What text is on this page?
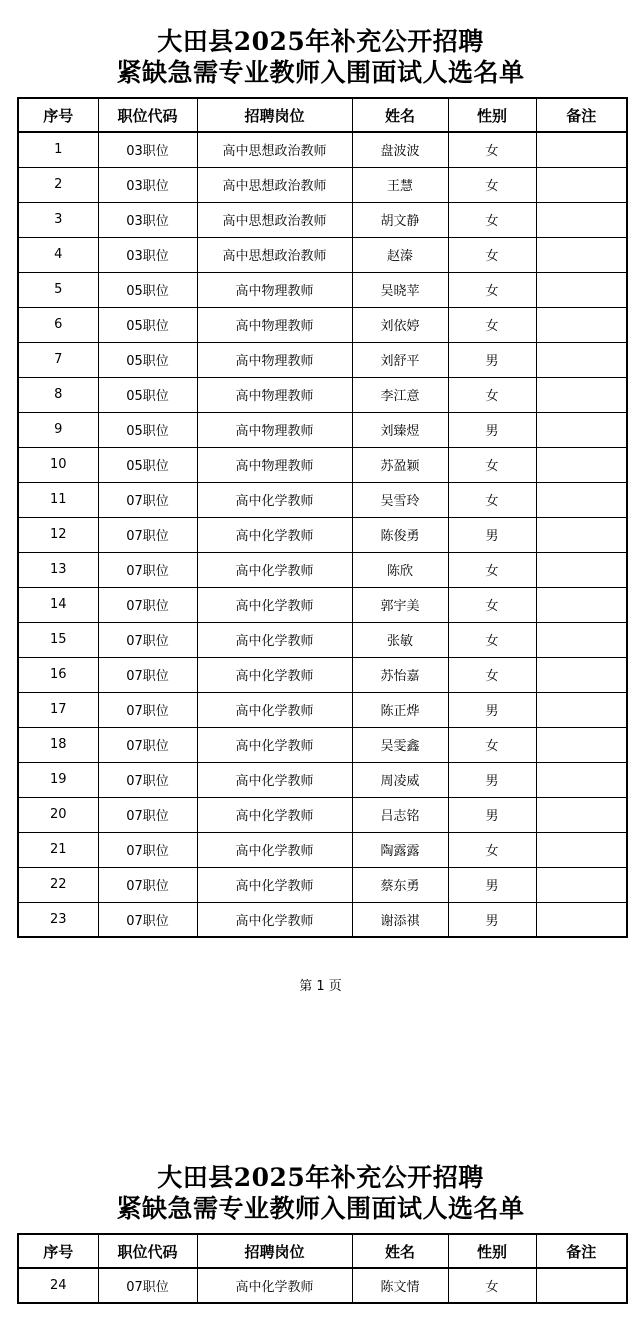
大田县2025年补充公开招聘
紧缺急需专业教师入围面试人选名单
序号	职位代码	招聘岗位	姓名	性别	备注
1	03职位	高中思想政治教师	盘波波	女	
2	03职位	高中思想政治教师	王慧	女	
3	03职位	高中思想政治教师	胡文静	女	
4	03职位	高中思想政治教师	赵溱	女	
5	05职位	高中物理教师	吴晓苹	女	
6	05职位	高中物理教师	刘依婷	女	
7	05职位	高中物理教师	刘舒平	男	
8	05职位	高中物理教师	李江意	女	
9	05职位	高中物理教师	刘臻煜	男	
10	05职位	高中物理教师	苏盈颖	女	
11	07职位	高中化学教师	吴雪玲	女	
12	07职位	高中化学教师	陈俊勇	男	
13	07职位	高中化学教师	陈欣	女	
14	07职位	高中化学教师	郭宇美	女	
15	07职位	高中化学教师	张敏	女	
16	07职位	高中化学教师	苏怡嘉	女	
17	07职位	高中化学教师	陈正烨	男	
18	07职位	高中化学教师	吴雯鑫	女	
19	07职位	高中化学教师	周凌威	男	
20	07职位	高中化学教师	吕志铭	男	
21	07职位	高中化学教师	陶露露	女	
22	07职位	高中化学教师	蔡东勇	男	
23	07职位	高中化学教师	谢添祺	男	
第 1 页
大田县2025年补充公开招聘
紧缺急需专业教师入围面试人选名单
序号	职位代码	招聘岗位	姓名	性别	备注
24	07职位	高中化学教师	陈文情	女	
